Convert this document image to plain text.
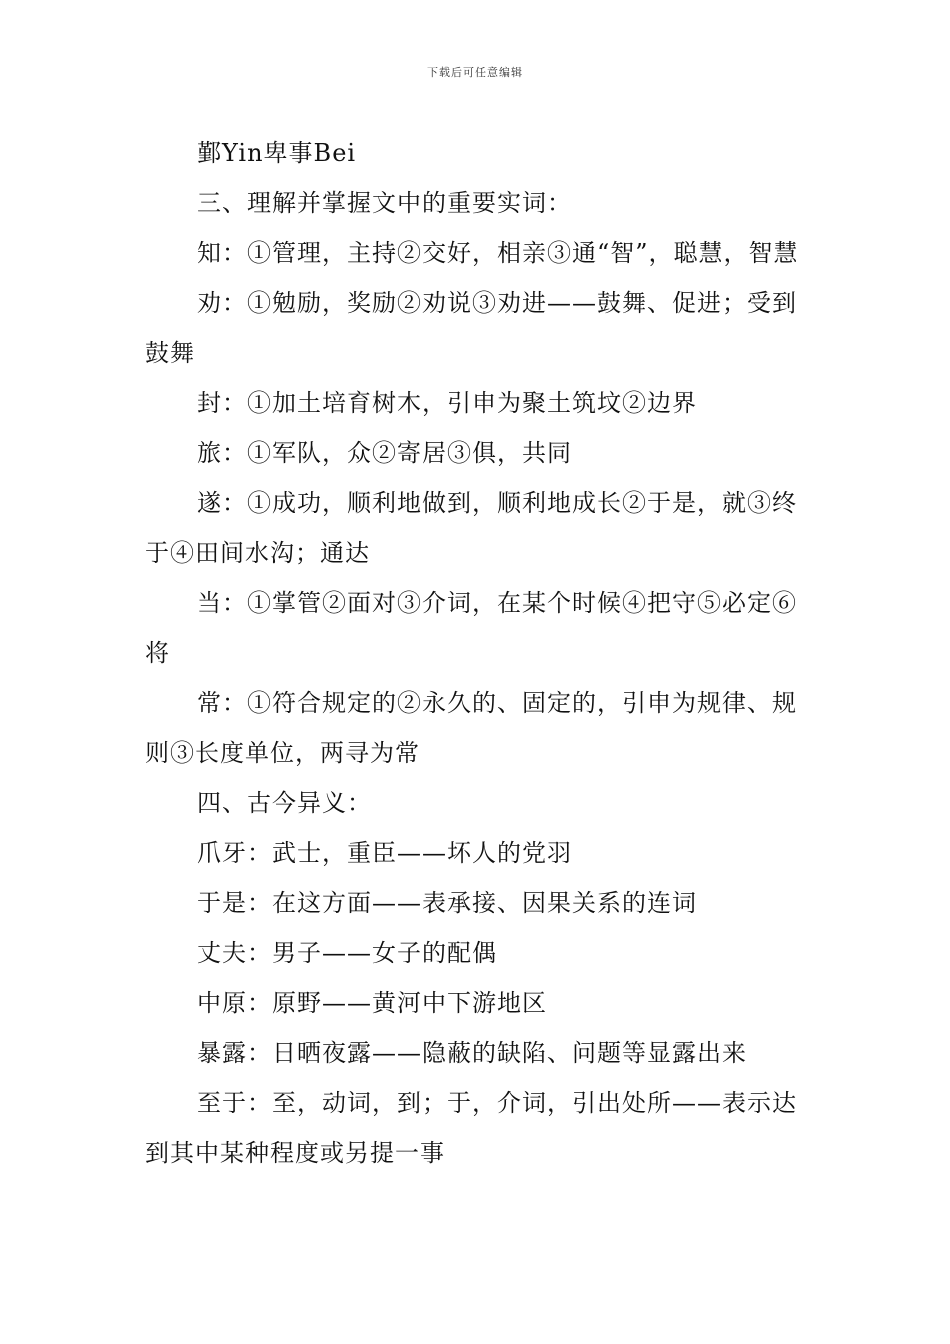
下载后可任意编辑

鄞Yin卑事Bei

三、理解并掌握文中的重要实词：

知：①管理，主持②交好，相亲③通“智”，聪慧，智慧

劝：①勉励，奖励②劝说③劝进——鼓舞、促进；受到鼓舞

封：①加土培育树木，引申为聚土筑坟②边界

旅：①军队，众②寄居③俱，共同

遂：①成功，顺利地做到，顺利地成长②于是，就③终于④田间水沟；通达

当：①掌管②面对③介词，在某个时候④把守⑤必定⑥将

常：①符合规定的②永久的、固定的，引申为规律、规则③长度单位，两寻为常

四、古今异义：

爪牙：武士，重臣——坏人的党羽

于是：在这方面——表承接、因果关系的连词

丈夫：男子——女子的配偶

中原：原野——黄河中下游地区

暴露：日晒夜露——隐蔽的缺陷、问题等显露出来

至于：至，动词，到；于，介词，引出处所——表示达到其中某种程度或另提一事
